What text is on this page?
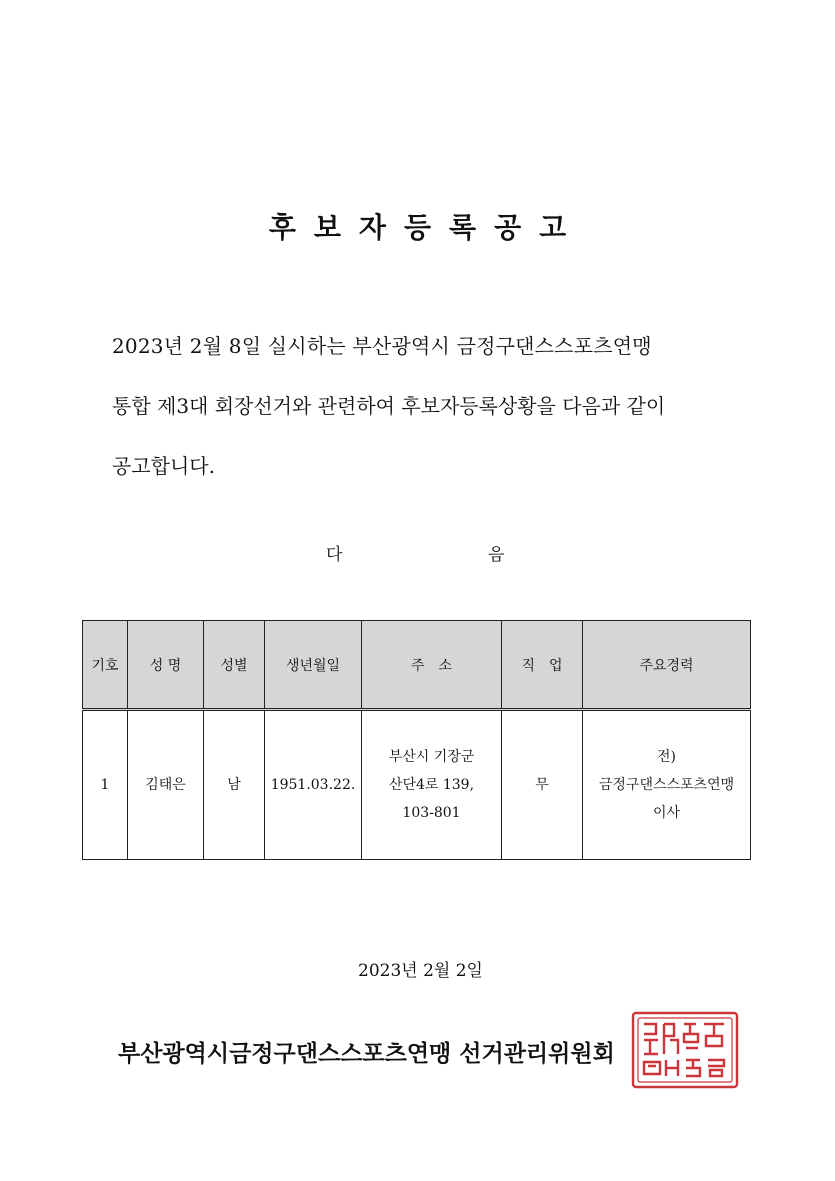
후보자등록공고
2023년 2월 8일 실시하는 부산광역시 금정구댄스스포츠연맹
통합 제3대 회장선거와 관련하여 후보자등록상황을 다음과 같이
공고합니다.
다	음
기호	성 명	성별	생년월일	주　소	직　업	주요경력
1	김태은	남	1951.03.22.	부산시 기장군
산단4로 139,
103-801	무	전)
금정구댄스스포츠연맹
이사
2023년 2월 2일
부산광역시금정구댄스스포츠연맹 선거관리위원회
